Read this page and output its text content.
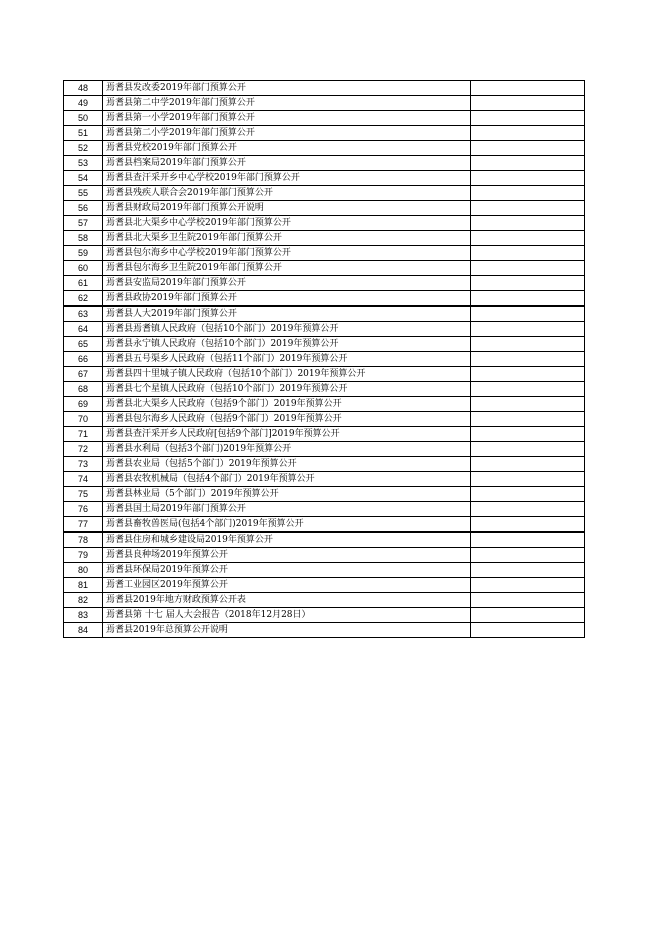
48	焉耆县发改委2019年部门预算公开	
49	焉耆县第二中学2019年部门预算公开	
50	焉耆县第一小学2019年部门预算公开	
51	焉耆县第二小学2019年部门预算公开	
52	焉耆县党校2019年部门预算公开	
53	焉耆县档案局2019年部门预算公开	
54	焉耆县查汗采开乡中心学校2019年部门预算公开	
55	焉耆县残疾人联合会2019年部门预算公开	
56	焉耆县财政局2019年部门预算公开说明	
57	焉耆县北大渠乡中心学校2019年部门预算公开	
58	焉耆县北大渠乡卫生院2019年部门预算公开	
59	焉耆县包尔海乡中心学校2019年部门预算公开	
60	焉耆县包尔海乡卫生院2019年部门预算公开	
61	焉耆县安监局2019年部门预算公开	
62	焉耆县政协2019年部门预算公开	
63	焉耆县人大2019年部门预算公开	
64	焉耆县焉耆镇人民政府（包括10个部门）2019年预算公开	
65	焉耆县永宁镇人民政府（包括10个部门）2019年预算公开	
66	焉耆县五号渠乡人民政府（包括11个部门）2019年预算公开	
67	焉耆县四十里城子镇人民政府（包括10个部门）2019年预算公开	
68	焉耆县七个星镇人民政府（包括10个部门）2019年预算公开	
69	焉耆县北大渠乡人民政府（包括9个部门）2019年预算公开	
70	焉耆县包尔海乡人民政府（包括9个部门）2019年预算公开	
71	焉耆县查汗采开乡人民政府[包括9个部门]2019年预算公开	
72	焉耆县水利局（包括3个部门)2019年预算公开	
73	焉耆县农业局（包括5个部门）2019年预算公开	
74	焉耆县农牧机械局（包括4个部门）2019年预算公开	
75	焉耆县林业局（5个部门）2019年预算公开	
76	焉耆县国土局2019年部门预算公开	
77	焉耆县畜牧兽医局(包括4个部门)2019年预算公开	
78	焉耆县住房和城乡建设局2019年预算公开	
79	焉耆县良种场2019年预算公开	
80	焉耆县环保局2019年预算公开	
81	焉耆工业园区2019年预算公开	
82	焉耆县2019年地方财政预算公开表	
83	焉耆县第 十七 届人大会报告（2018年12月28日）	
84	焉耆县2019年总预算公开说明	
